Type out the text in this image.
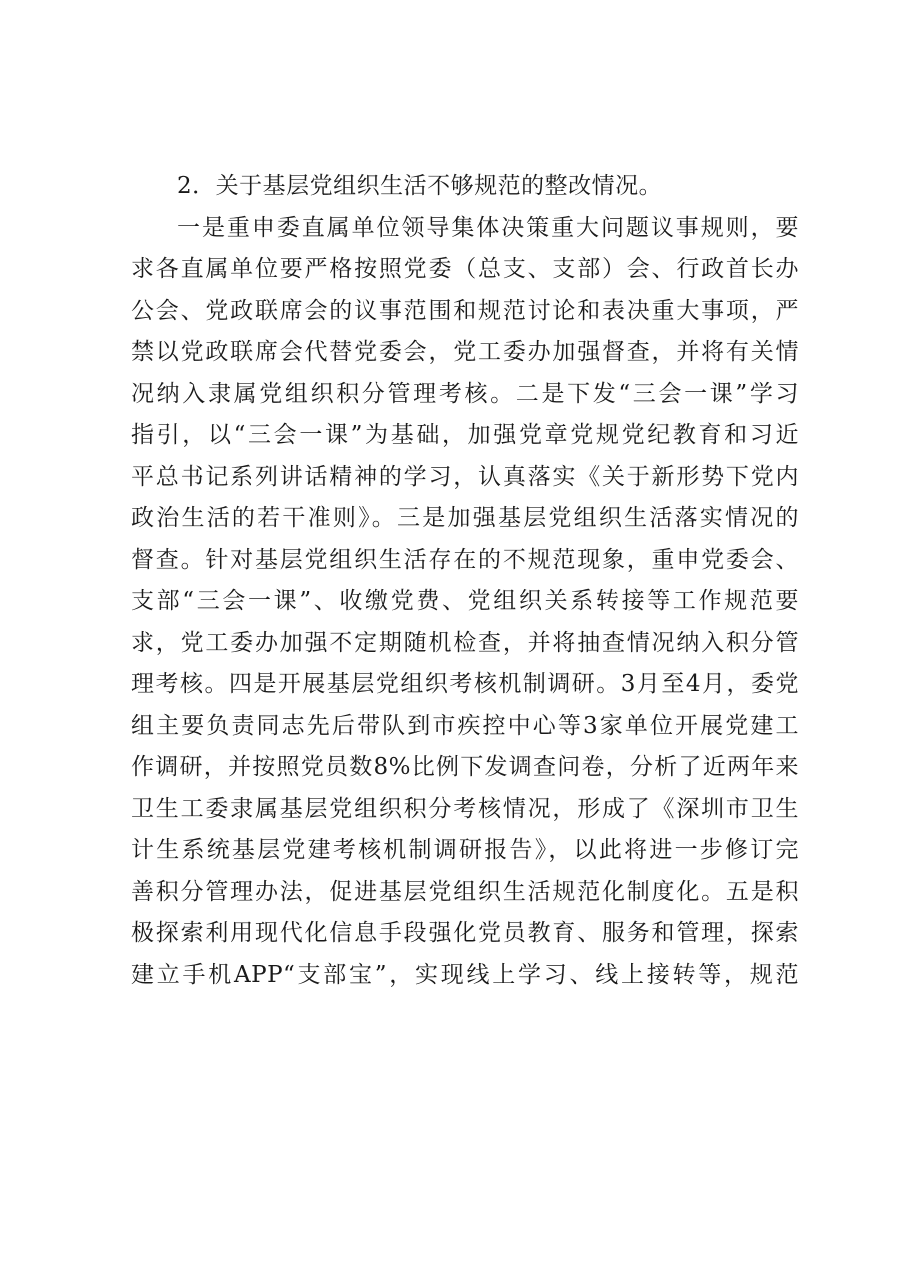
2．关于基层党组织生活不够规范的整改情况。
一是重申委直属单位领导集体决策重大问题议事规则，要
求各直属单位要严格按照党委（总支、支部）会、行政首长办
公会、党政联席会的议事范围和规范讨论和表决重大事项，严
禁以党政联席会代替党委会，党工委办加强督查，并将有关情
况纳入隶属党组织积分管理考核。二是下发“三会一课”学习
指引，以“三会一课”为基础，加强党章党规党纪教育和习近
平总书记系列讲话精神的学习，认真落实《关于新形势下党内
政治生活的若干准则》。三是加强基层党组织生活落实情况的
督查。针对基层党组织生活存在的不规范现象，重申党委会、
支部“三会一课”、收缴党费、党组织关系转接等工作规范要
求，党工委办加强不定期随机检查，并将抽查情况纳入积分管
理考核。四是开展基层党组织考核机制调研。3月至4月，委党
组主要负责同志先后带队到市疾控中心等3家单位开展党建工
作调研，并按照党员数8%比例下发调查问卷，分析了近两年来
卫生工委隶属基层党组织积分考核情况，形成了《深圳市卫生
计生系统基层党建考核机制调研报告》，以此将进一步修订完
善积分管理办法，促进基层党组织生活规范化制度化。五是积
极探索利用现代化信息手段强化党员教育、服务和管理，探索
建立手机APP“支部宝”，实现线上学习、线上接转等，规范
